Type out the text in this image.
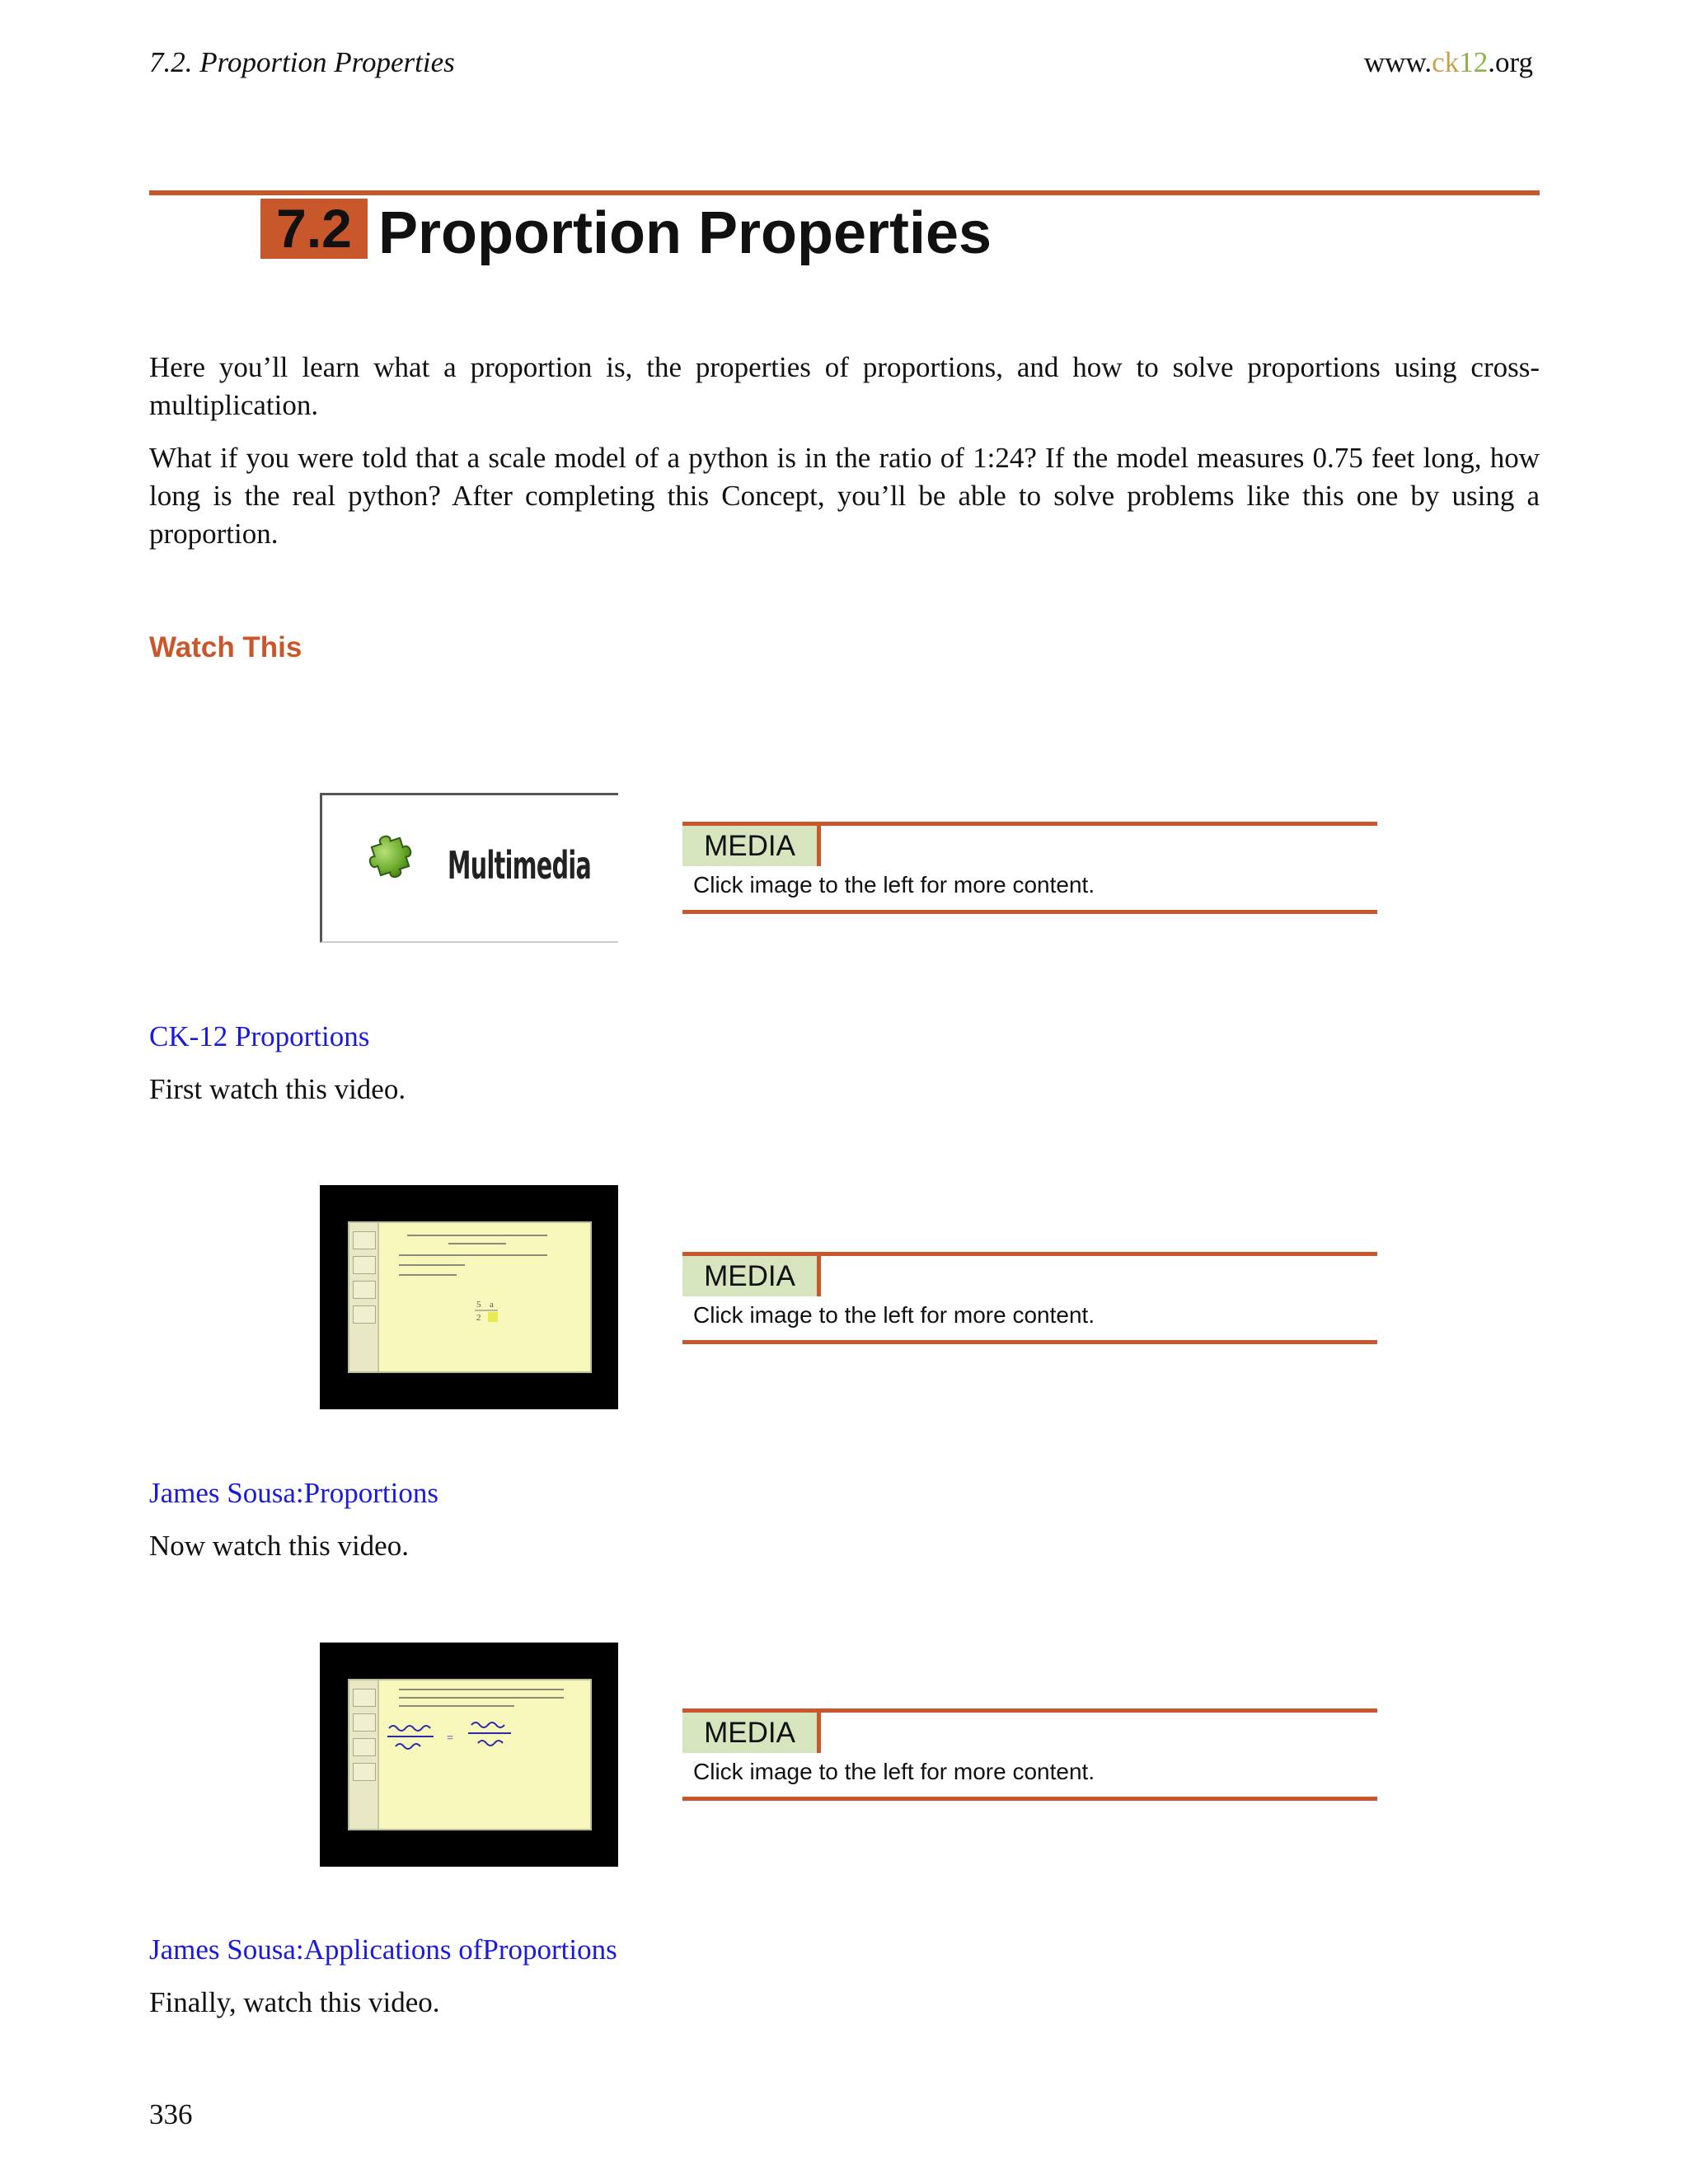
7.2. Proportion Properties	www.ck12.org
7.2 Proportion Properties

Here you’ll learn what a proportion is, the properties of proportions, and how to solve proportions using cross-multiplication.

What if you were told that a scale model of a python is in the ratio of 1:24? If the model measures 0.75 feet long, how long is the real python? After completing this Concept, you’ll be able to solve problems like this one by using a proportion.

Watch This
Multimedia	MEDIA
Click image to the left for more content.
CK-12 Proportions
First watch this video.
5 a
2
MEDIA
Click image to the left for more content.
James Sousa:Proportions
Now watch this video.
=	MEDIA
Click image to the left for more content.
James Sousa:Applications ofProportions
Finally, watch this video.
336
